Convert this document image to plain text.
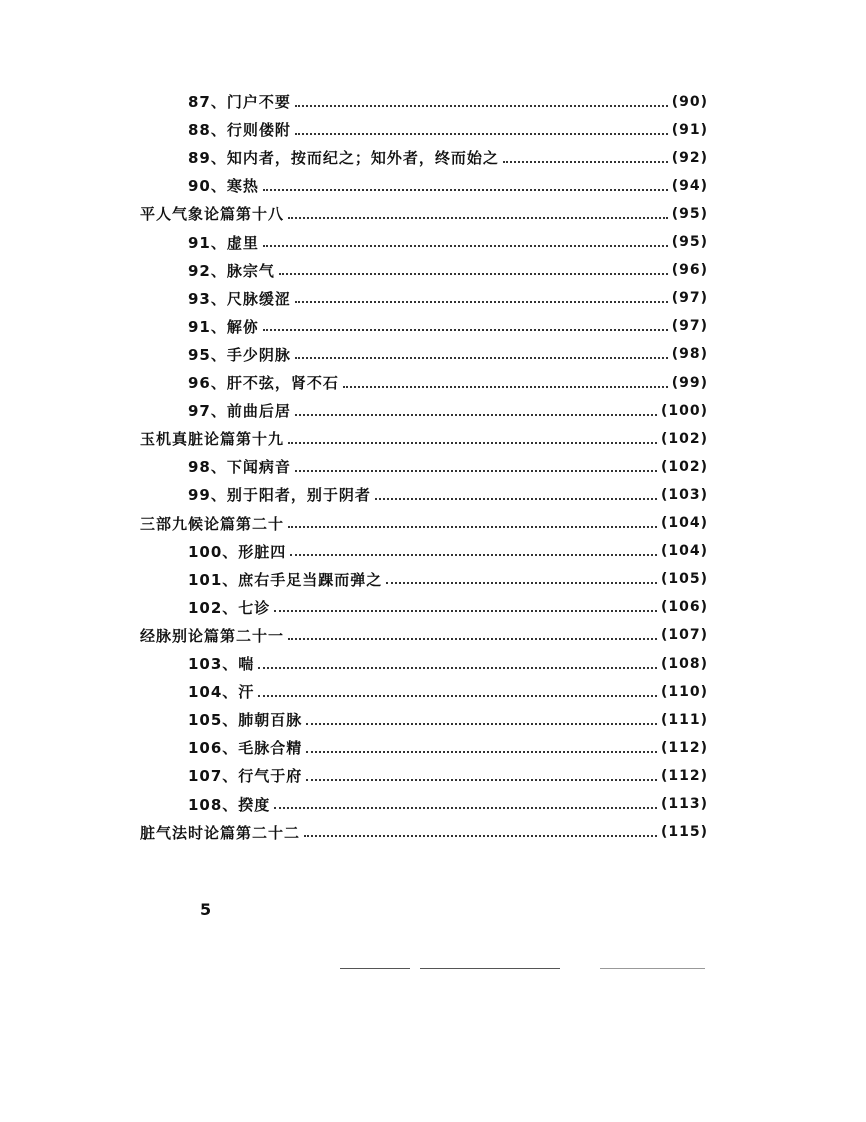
87、门户不要	(90)
88、行则偻附	(91)
89、知内者，按而纪之；知外者，终而始之	(92)
90、寒热	(94)
平人气象论篇第十八	(95)
91、虚里	(95)
92、脉宗气	(96)
93、尺脉缓涩	(97)
91、解㑊	(97)
95、手少阴脉	(98)
96、肝不弦，肾不石	(99)
97、前曲后居	(100)
玉机真脏论篇第十九	(102)
98、下闻病音	(102)
99、别于阳者，别于阴者	(103)
三部九候论篇第二十	(104)
100、形脏四	(104)
101、庶右手足当踝而弹之	(105)
102、七诊	(106)
经脉别论篇第二十一	(107)
103、喘	(108)
104、汗	(110)
105、肺朝百脉	(111)
106、毛脉合精	(112)
107、行气于府	(112)
108、揆度	(113)
脏气法时论篇第二十二	(115)
5
